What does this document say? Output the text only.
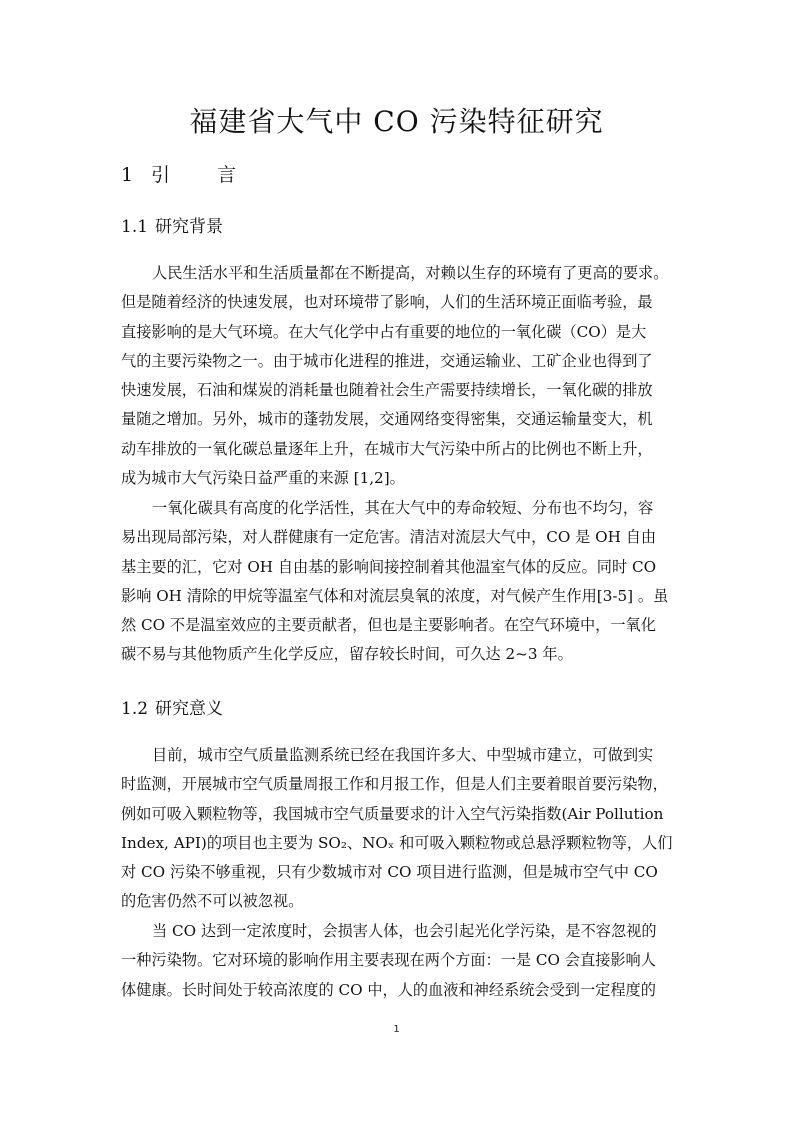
福建省大气中 CO 污染特征研究
1 引 言
1.1 研究背景
人民生活水平和生活质量都在不断提高，对赖以生存的环境有了更高的要求。
但是随着经济的快速发展，也对环境带了影响，人们的生活环境正面临考验，最
直接影响的是大气环境。在大气化学中占有重要的地位的一氧化碳（CO）是大
气的主要污染物之一。由于城市化进程的推进，交通运输业、工矿企业也得到了
快速发展，石油和煤炭的消耗量也随着社会生产需要持续增长，一氧化碳的排放
量随之增加。另外，城市的蓬勃发展，交通网络变得密集，交通运输量变大，机
动车排放的一氧化碳总量逐年上升，在城市大气污染中所占的比例也不断上升，
成为城市大气污染日益严重的来源 [1,2]。
一氧化碳具有高度的化学活性，其在大气中的寿命较短、分布也不均匀，容
易出现局部污染，对人群健康有一定危害。清洁对流层大气中，CO 是 OH 自由
基主要的汇，它对 OH 自由基的影响间接控制着其他温室气体的反应。同时 CO
影响 OH 清除的甲烷等温室气体和对流层臭氧的浓度，对气候产生作用[3-5] 。虽
然 CO 不是温室效应的主要贡献者，但也是主要影响者。在空气环境中，一氧化
碳不易与其他物质产生化学反应，留存较长时间，可久达 2~3 年。
1.2 研究意义
目前，城市空气质量监测系统已经在我国许多大、中型城市建立，可做到实
时监测，开展城市空气质量周报工作和月报工作，但是人们主要着眼首要污染物，
例如可吸入颗粒物等，我国城市空气质量要求的计入空气污染指数(Air Pollution
Index, API)的项目也主要为 SO₂、NOₓ 和可吸入颗粒物或总悬浮颗粒物等，人们
对 CO 污染不够重视，只有少数城市对 CO 项目进行监测，但是城市空气中 CO
的危害仍然不可以被忽视。
当 CO 达到一定浓度时，会损害人体，也会引起光化学污染，是不容忽视的
一种污染物。它对环境的影响作用主要表现在两个方面：一是 CO 会直接影响人
体健康。长时间处于较高浓度的 CO 中，人的血液和神经系统会受到一定程度的
1
